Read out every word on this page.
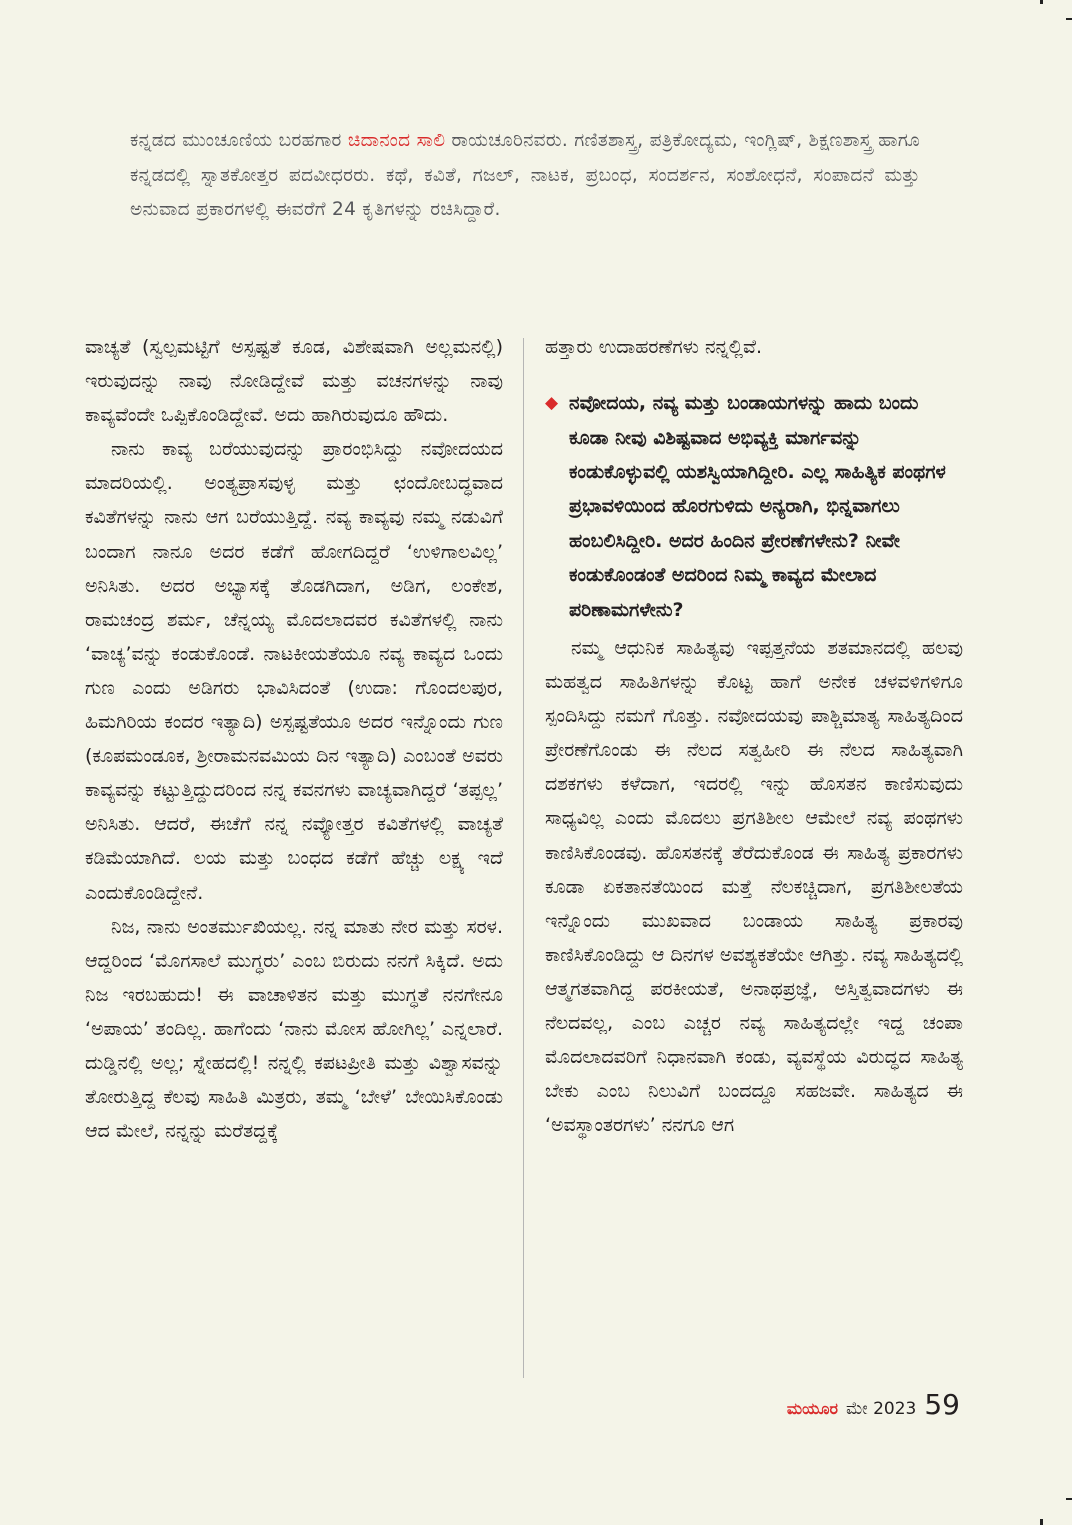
ಕನ್ನಡದ ಮುಂಚೂಣಿಯ ಬರಹಗಾರ ಚಿದಾನಂದ ಸಾಲಿ ರಾಯಚೂರಿನವರು. ಗಣಿತಶಾಸ್ತ್ರ, ಪತ್ರಿಕೋದ್ಯಮ, ಇಂಗ್ಲಿಷ್, ಶಿಕ್ಷಣಶಾಸ್ತ್ರ ಹಾಗೂ ಕನ್ನಡದಲ್ಲಿ ಸ್ನಾತಕೋತ್ತರ ಪದವೀಧರರು. ಕಥೆ, ಕವಿತೆ, ಗಜಲ್, ನಾಟಕ, ಪ್ರಬಂಧ, ಸಂದರ್ಶನ, ಸಂಶೋಧನೆ, ಸಂಪಾದನೆ ಮತ್ತು ಅನುವಾದ ಪ್ರಕಾರಗಳಲ್ಲಿ ಈವರೆಗೆ 24 ಕೃತಿಗಳನ್ನು ರಚಿಸಿದ್ದಾರೆ.

ವಾಚ್ಯತೆ (ಸ್ವಲ್ಪಮಟ್ಟಿಗೆ ಅಸ್ಪಷ್ಟತೆ ಕೂಡ, ವಿಶೇಷವಾಗಿ ಅಲ್ಲಮನಲ್ಲಿ) ಇರುವುದನ್ನು ನಾವು ನೋಡಿದ್ದೇವೆ ಮತ್ತು ವಚನಗಳನ್ನು ನಾವು ಕಾವ್ಯವೆಂದೇ ಒಪ್ಪಿಕೊಂಡಿದ್ದೇವೆ. ಅದು ಹಾಗಿರುವುದೂ ಹೌದು.

ನಾನು ಕಾವ್ಯ ಬರೆಯುವುದನ್ನು ಪ್ರಾರಂಭಿಸಿದ್ದು ನವೋದಯದ ಮಾದರಿಯಲ್ಲಿ. ಅಂತ್ಯಪ್ರಾಸವುಳ್ಳ ಮತ್ತು ಛಂದೋಬದ್ಧವಾದ ಕವಿತೆಗಳನ್ನು ನಾನು ಆಗ ಬರೆಯುತ್ತಿದ್ದೆ. ನವ್ಯ ಕಾವ್ಯವು ನಮ್ಮ ನಡುವಿಗೆ ಬಂದಾಗ ನಾನೂ ಅದರ ಕಡೆಗೆ ಹೋಗದಿದ್ದರೆ ‘ಉಳಿಗಾಲವಿಲ್ಲ’ ಅನಿಸಿತು. ಅದರ ಅಭ್ಯಾಸಕ್ಕೆ ತೊಡಗಿದಾಗ, ಅಡಿಗ, ಲಂಕೇಶ, ರಾಮಚಂದ್ರ ಶರ್ಮ, ಚೆನ್ನಯ್ಯ ಮೊದಲಾದವರ ಕವಿತೆಗಳಲ್ಲಿ ನಾನು ‘ವಾಚ್ಯ’ವನ್ನು ಕಂಡುಕೊಂಡೆ. ನಾಟಕೀಯತೆಯೂ ನವ್ಯ ಕಾವ್ಯದ ಒಂದು ಗುಣ ಎಂದು ಅಡಿಗರು ಭಾವಿಸಿದಂತೆ (ಉದಾ: ಗೊಂದಲಪುರ, ಹಿಮಗಿರಿಯ ಕಂದರ ಇತ್ಯಾದಿ) ಅಸ್ಪಷ್ಟತೆಯೂ ಅದರ ಇನ್ನೊಂದು ಗುಣ (ಕೂಪಮಂಡೂಕ, ಶ್ರೀರಾಮನವಮಿಯ ದಿನ ಇತ್ಯಾದಿ) ಎಂಬಂತೆ ಅವರು ಕಾವ್ಯವನ್ನು ಕಟ್ಟುತ್ತಿದ್ದುದರಿಂದ ನನ್ನ ಕವನಗಳು ವಾಚ್ಯವಾಗಿದ್ದರೆ ‘ತಪ್ಪಲ್ಲ’ ಅನಿಸಿತು. ಆದರೆ, ಈಚೆಗೆ ನನ್ನ ನವ್ಯೋತ್ತರ ಕವಿತೆಗಳಲ್ಲಿ ವಾಚ್ಯತೆ ಕಡಿಮೆಯಾಗಿದೆ. ಲಯ ಮತ್ತು ಬಂಧದ ಕಡೆಗೆ ಹೆಚ್ಚು ಲಕ್ಷ್ಯ ಇದೆ ಎಂದುಕೊಂಡಿದ್ದೇನೆ.

ನಿಜ, ನಾನು ಅಂತರ್ಮುಖಿಯಲ್ಲ. ನನ್ನ ಮಾತು ನೇರ ಮತ್ತು ಸರಳ. ಆದ್ದರಿಂದ ‘ಮೊಗಸಾಲೆ ಮುಗ್ಧರು’ ಎಂಬ ಬಿರುದು ನನಗೆ ಸಿಕ್ಕಿದೆ. ಅದು ನಿಜ ಇರಬಹುದು! ಈ ವಾಚಾಳಿತನ ಮತ್ತು ಮುಗ್ಧತೆ ನನಗೇನೂ ‘ಅಪಾಯ’ ತಂದಿಲ್ಲ. ಹಾಗೆಂದು ‘ನಾನು ಮೋಸ ಹೋಗಿಲ್ಲ’ ಎನ್ನಲಾರೆ. ದುಡ್ಡಿನಲ್ಲಿ ಅಲ್ಲ; ಸ್ನೇಹದಲ್ಲಿ! ನನ್ನಲ್ಲಿ ಕಪಟಪ್ರೀತಿ ಮತ್ತು ವಿಶ್ವಾಸವನ್ನು ತೋರುತ್ತಿದ್ದ ಕೆಲವು ಸಾಹಿತಿ ಮಿತ್ರರು, ತಮ್ಮ ‘ಬೇಳೆ’ ಬೇಯಿಸಿಕೊಂಡು ಆದ ಮೇಲೆ, ನನ್ನನ್ನು ಮರೆತದ್ದಕ್ಕೆ

ಹತ್ತಾರು ಉದಾಹರಣೆಗಳು ನನ್ನಲ್ಲಿವೆ.

◆ ನವೋದಯ, ನವ್ಯ ಮತ್ತು ಬಂಡಾಯಗಳನ್ನು ಹಾದು ಬಂದು ಕೂಡಾ ನೀವು ವಿಶಿಷ್ಟವಾದ ಅಭಿವ್ಯಕ್ತಿ ಮಾರ್ಗವನ್ನು ಕಂಡುಕೊಳ್ಳುವಲ್ಲಿ ಯಶಸ್ವಿಯಾಗಿದ್ದೀರಿ. ಎಲ್ಲ ಸಾಹಿತ್ಯಿಕ ಪಂಥಗಳ ಪ್ರಭಾವಳಿಯಿಂದ ಹೊರಗುಳಿದು ಅನ್ಯರಾಗಿ, ಭಿನ್ನವಾಗಲು ಹಂಬಲಿಸಿದ್ದೀರಿ. ಅದರ ಹಿಂದಿನ ಪ್ರೇರಣೆಗಳೇನು? ನೀವೇ ಕಂಡುಕೊಂಡಂತೆ ಅದರಿಂದ ನಿಮ್ಮ ಕಾವ್ಯದ ಮೇಲಾದ ಪರಿಣಾಮಗಳೇನು?

ನಮ್ಮ ಆಧುನಿಕ ಸಾಹಿತ್ಯವು ಇಪ್ಪತ್ತನೆಯ ಶತಮಾನದಲ್ಲಿ ಹಲವು ಮಹತ್ವದ ಸಾಹಿತಿಗಳನ್ನು ಕೊಟ್ಟ ಹಾಗೆ ಅನೇಕ ಚಳವಳಿಗಳಿಗೂ ಸ್ಪಂದಿಸಿದ್ದು ನಮಗೆ ಗೊತ್ತು. ನವೋದಯವು ಪಾಶ್ಚಿಮಾತ್ಯ ಸಾಹಿತ್ಯದಿಂದ ಪ್ರೇರಣೆಗೊಂಡು ಈ ನೆಲದ ಸತ್ವಹೀರಿ ಈ ನೆಲದ ಸಾಹಿತ್ಯವಾಗಿ ದಶಕಗಳು ಕಳೆದಾಗ, ಇದರಲ್ಲಿ ಇನ್ನು ಹೊಸತನ ಕಾಣಿಸುವುದು ಸಾಧ್ಯವಿಲ್ಲ ಎಂದು ಮೊದಲು ಪ್ರಗತಿಶೀಲ ಆಮೇಲೆ ನವ್ಯ ಪಂಥಗಳು ಕಾಣಿಸಿಕೊಂಡವು. ಹೊಸತನಕ್ಕೆ ತೆರೆದುಕೊಂಡ ಈ ಸಾಹಿತ್ಯ ಪ್ರಕಾರಗಳು ಕೂಡಾ ಏಕತಾನತೆಯಿಂದ ಮತ್ತೆ ನೆಲಕಚ್ಚಿದಾಗ, ಪ್ರಗತಿಶೀಲತೆಯ ಇನ್ನೊಂದು ಮುಖವಾದ ಬಂಡಾಯ ಸಾಹಿತ್ಯ ಪ್ರಕಾರವು ಕಾಣಿಸಿಕೊಂಡಿದ್ದು ಆ ದಿನಗಳ ಅವಶ್ಯಕತೆಯೇ ಆಗಿತ್ತು. ನವ್ಯ ಸಾಹಿತ್ಯದಲ್ಲಿ ಆತ್ಮಗತವಾಗಿದ್ದ ಪರಕೀಯತೆ, ಅನಾಥಪ್ರಜ್ಞೆ, ಅಸ್ತಿತ್ವವಾದಗಳು ಈ ನೆಲದವಲ್ಲ, ಎಂಬ ಎಚ್ಚರ ನವ್ಯ ಸಾಹಿತ್ಯದಲ್ಲೇ ಇದ್ದ ಚಂಪಾ ಮೊದಲಾದವರಿಗೆ ನಿಧಾನವಾಗಿ ಕಂಡು, ವ್ಯವಸ್ಥೆಯ ವಿರುದ್ಧದ ಸಾಹಿತ್ಯ ಬೇಕು ಎಂಬ ನಿಲುವಿಗೆ ಬಂದದ್ದೂ ಸಹಜವೇ. ಸಾಹಿತ್ಯದ ಈ ‘ಅವಸ್ಥಾಂತರಗಳು’ ನನಗೂ ಆಗ

ಮಯೂರ ಮೇ 2023 59
